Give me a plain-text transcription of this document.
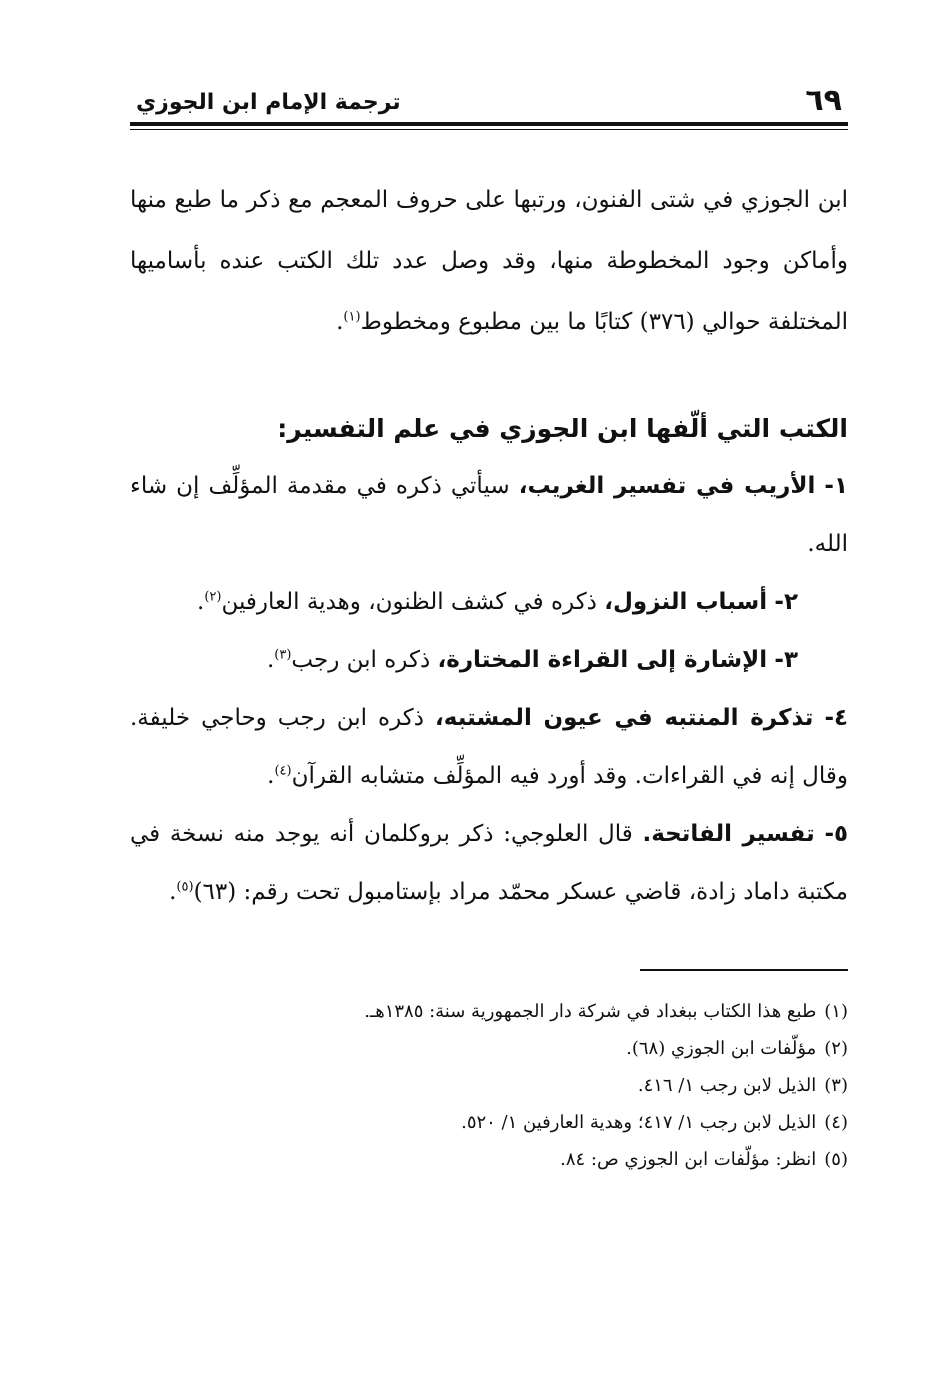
٦٩
ترجمة الإمام ابن الجوزي

ابن الجوزي في شتى الفنون، ورتبها على حروف المعجم مع ذكر ما طبع منها وأماكن وجود المخطوطة منها، وقد وصل عدد تلك الكتب عنده بأساميها المختلفة حوالي (٣٧٦) كتابًا ما بين مطبوع ومخطوط$^{(١)}$.

الكتب التي ألّفها ابن الجوزي في علم التفسير:
١- الأريب في تفسير الغريب، سيأتي ذكره في مقدمة المؤلِّف إن شاء الله.
٢- أسباب النزول، ذكره في كشف الظنون، وهدية العارفين$^{(٢)}$.
٣- الإشارة إلى القراءة المختارة، ذكره ابن رجب$^{(٣)}$.
٤- تذكرة المنتبه في عيون المشتبه، ذكره ابن رجب وحاجي خليفة. وقال إنه في القراءات. وقد أورد فيه المؤلِّف متشابه القرآن$^{(٤)}$.
٥- تفسير الفاتحة. قال العلوجي: ذكر بروكلمان أنه يوجد منه نسخة في مكتبة داماد زادة، قاضي عسكر محمّد مراد بإستامبول تحت رقم: (٦٣)$^{(٥)}$.
(١)طبع هذا الكتاب ببغداد في شركة دار الجمهورية سنة: ١٣٨٥هـ.
(٢)مؤلّفات ابن الجوزي (٦٨).
(٣)الذيل لابن رجب ١/ ٤١٦.
(٤)الذيل لابن رجب ١/ ٤١٧؛ وهدية العارفين ١/ ٥٢٠.
(٥)انظر: مؤلّفات ابن الجوزي ص: ٨٤.
